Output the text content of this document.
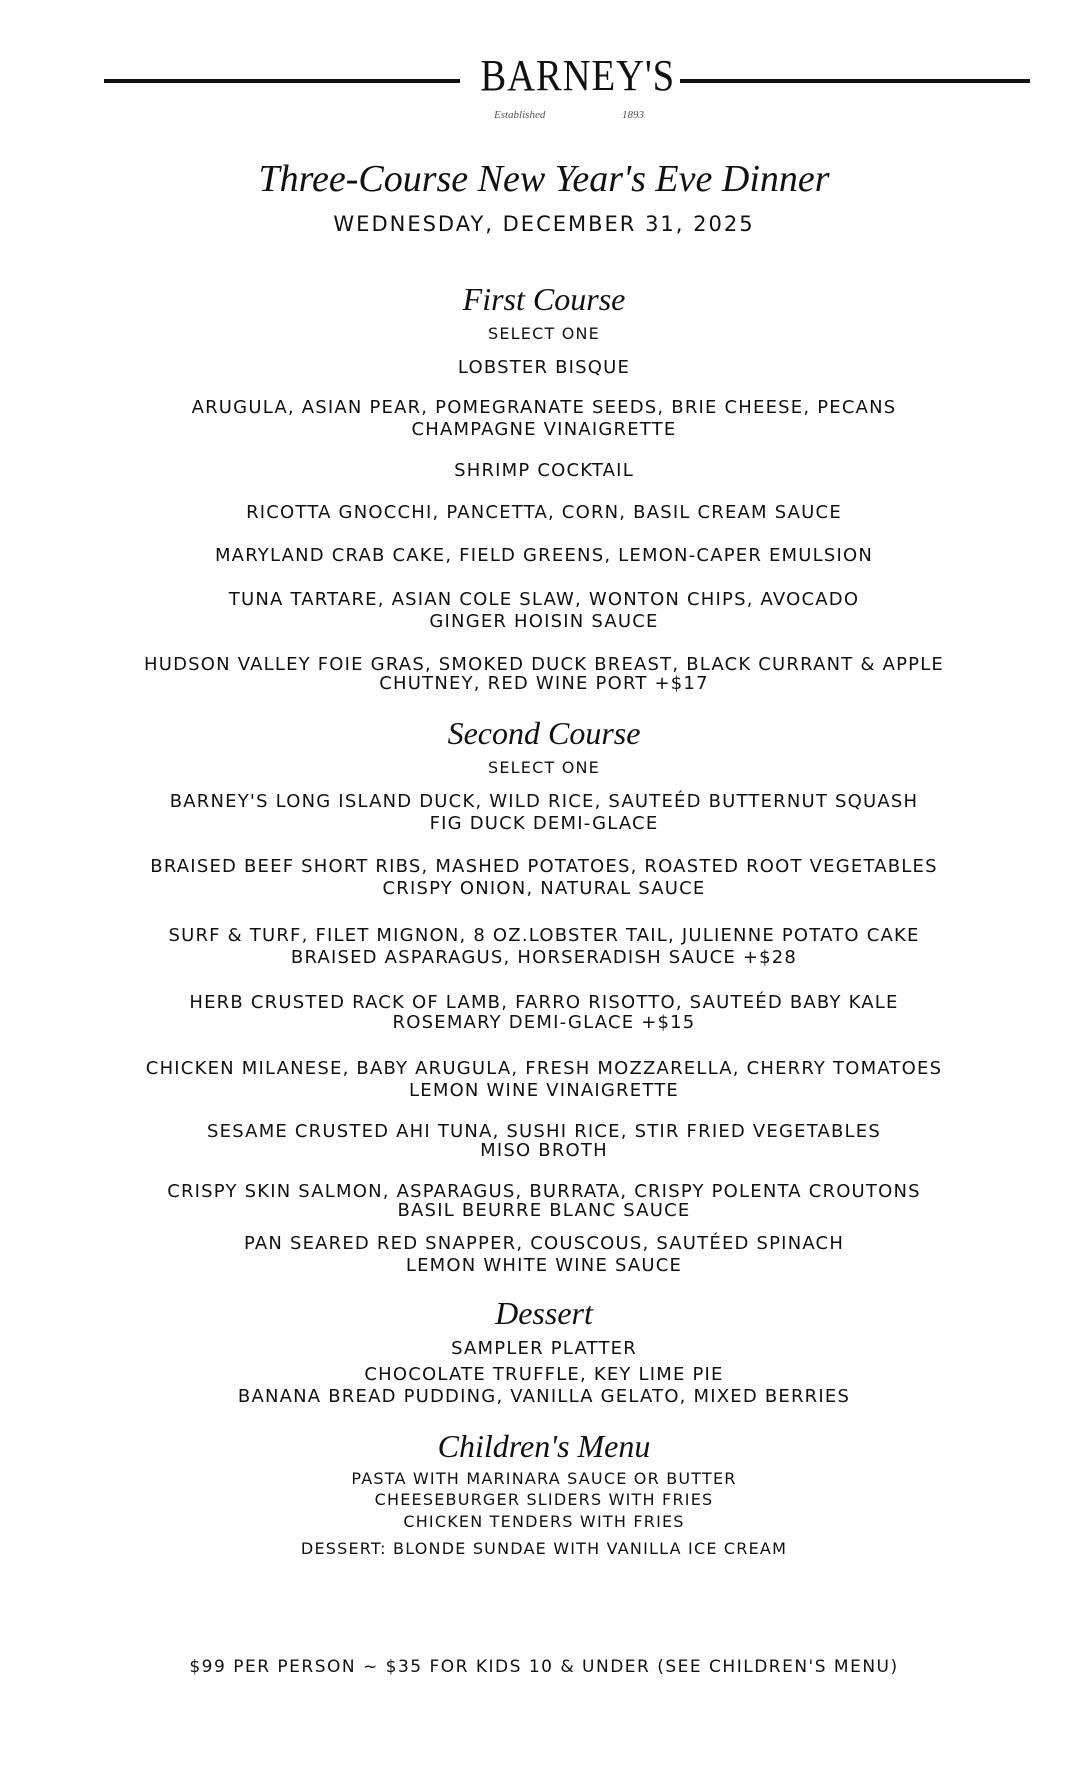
BARNEY'S
Established	1893
Three-Course New Year's Eve Dinner
WEDNESDAY, DECEMBER 31, 2025
First Course
SELECT ONE
LOBSTER BISQUE
ARUGULA, ASIAN PEAR, POMEGRANATE SEEDS, BRIE CHEESE, PECANS
CHAMPAGNE VINAIGRETTE
SHRIMP COCKTAIL
RICOTTA GNOCCHI, PANCETTA, CORN, BASIL CREAM SAUCE
MARYLAND CRAB CAKE, FIELD GREENS, LEMON-CAPER EMULSION
TUNA TARTARE, ASIAN COLE SLAW, WONTON CHIPS, AVOCADO
GINGER HOISIN SAUCE
HUDSON VALLEY FOIE GRAS, SMOKED DUCK BREAST, BLACK CURRANT & APPLE
CHUTNEY, RED WINE PORT +$17
Second Course
SELECT ONE
BARNEY'S LONG ISLAND DUCK, WILD RICE, SAUTEÉD BUTTERNUT SQUASH
FIG DUCK DEMI-GLACE
BRAISED BEEF SHORT RIBS, MASHED POTATOES, ROASTED ROOT VEGETABLES
CRISPY ONION, NATURAL SAUCE
SURF & TURF, FILET MIGNON, 8 OZ.LOBSTER TAIL, JULIENNE POTATO CAKE
BRAISED ASPARAGUS, HORSERADISH SAUCE +$28
HERB CRUSTED RACK OF LAMB, FARRO RISOTTO, SAUTEÉD BABY KALE
ROSEMARY DEMI-GLACE +$15
CHICKEN MILANESE, BABY ARUGULA, FRESH MOZZARELLA, CHERRY TOMATOES
LEMON WINE VINAIGRETTE
SESAME CRUSTED AHI TUNA, SUSHI RICE, STIR FRIED VEGETABLES
MISO BROTH
CRISPY SKIN SALMON, ASPARAGUS, BURRATA, CRISPY POLENTA CROUTONS
BASIL BEURRE BLANC SAUCE
PAN SEARED RED SNAPPER, COUSCOUS, SAUTÉED SPINACH
LEMON WHITE WINE SAUCE
Dessert
SAMPLER PLATTER
CHOCOLATE TRUFFLE, KEY LIME PIE
BANANA BREAD PUDDING, VANILLA GELATO, MIXED BERRIES
Children's Menu
PASTA WITH MARINARA SAUCE OR BUTTER
CHEESEBURGER SLIDERS WITH FRIES
CHICKEN TENDERS WITH FRIES
DESSERT: BLONDE SUNDAE WITH VANILLA ICE CREAM
$99 PER PERSON ~ $35 FOR KIDS 10 & UNDER (SEE CHILDREN'S MENU)
